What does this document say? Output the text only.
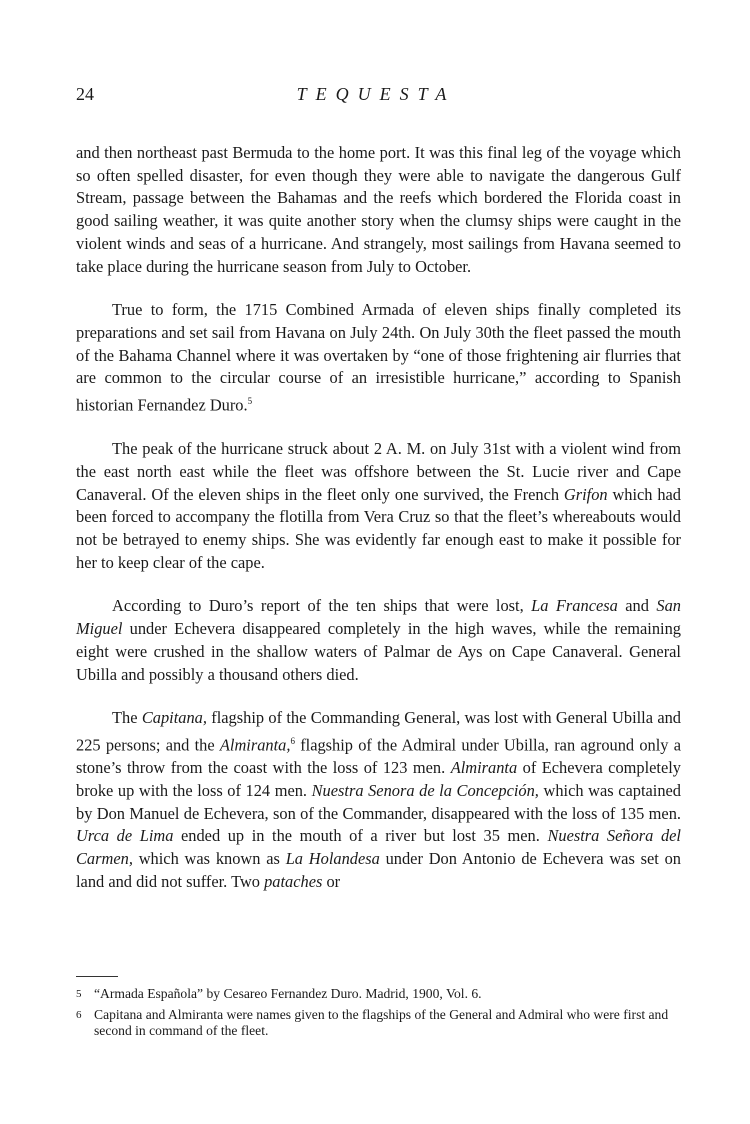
24	TEQUESTA

and then northeast past Bermuda to the home port. It was this final leg of the voyage which so often spelled disaster, for even though they were able to navigate the dangerous Gulf Stream, passage between the Bahamas and the reefs which bordered the Florida coast in good sailing weather, it was quite another story when the clumsy ships were caught in the violent winds and seas of a hurricane. And strangely, most sailings from Havana seemed to take place during the hurricane season from July to October.

True to form, the 1715 Combined Armada of eleven ships finally completed its preparations and set sail from Havana on July 24th. On July 30th the fleet passed the mouth of the Bahama Channel where it was overtaken by “one of those frightening air flurries that are common to the circular course of an irresistible hurricane,” according to Spanish historian Fernandez Duro.$^5$

The peak of the hurricane struck about 2 A. M. on July 31st with a violent wind from the east north east while the fleet was offshore between the St. Lucie river and Cape Canaveral. Of the eleven ships in the fleet only one survived, the French Grifon which had been forced to accompany the flotilla from Vera Cruz so that the fleet’s whereabouts would not be betrayed to enemy ships. She was evidently far enough east to make it possible for her to keep clear of the cape.

According to Duro’s report of the ten ships that were lost, La Francesa and San Miguel under Echevera disappeared completely in the high waves, while the remaining eight were crushed in the shallow waters of Palmar de Ays on Cape Canaveral. General Ubilla and possibly a thousand others died.

The Capitana, flagship of the Commanding General, was lost with General Ubilla and 225 persons; and the Almiranta,$^6$ flagship of the Admiral under Ubilla, ran aground only a stone’s throw from the coast with the loss of 123 men. Almiranta of Echevera completely broke up with the loss of 124 men. Nuestra Senora de la Concepción, which was captained by Don Manuel de Echevera, son of the Commander, disappeared with the loss of 135 men. Urca de Lima ended up in the mouth of a river but lost 35 men. Nuestra Señora del Carmen, which was known as La Holandesa under Don Antonio de Echevera was set on land and did not suffer. Two pataches or

5 “Armada Española” by Cesareo Fernandez Duro. Madrid, 1900, Vol. 6.

6 Capitana and Almiranta were names given to the flagships of the General and Admiral who were first and second in command of the fleet.
